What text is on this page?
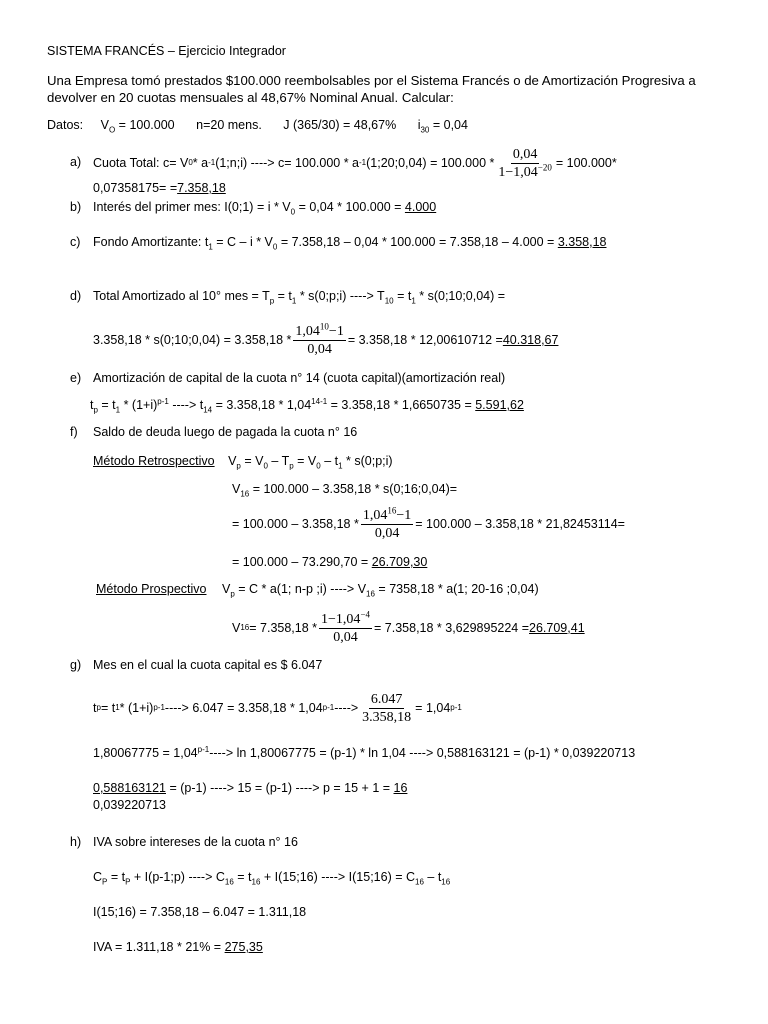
SISTEMA FRANCÉS – Ejercicio Integrador
Una Empresa tomó prestados $100.000 reembolsables por el Sistema Francés o de Amortización Progresiva a
devolver en 20 cuotas mensuales al 48,67% Nominal Anual. Calcular:
Datos: $V_O = 100.000$ n=20 mens. J (365/30) = 48,67% $i_{30} = 0,04$
a) Cuota Total: c= V 0 * a -1 (1;n;i) ----> c= 100.000 * a -1 (1;20;0,04) = $100.000 * \frac{0,04}{1-1,04^{-20}} = 100.000*$
0,07358175= =7.358,18
b) Interés del primer mes: I(0;1) = $i * V_0 = 0,04 * 100.000 = 4.000$
c) Fondo Amortizante: $t_1 = C - i * V_0 = 7.358,18 - 0,04 * 100.000 = 7.358,18 - 4.000 = 3.358,18$
d) Total Amortizado al 10° mes = $T_p = t_1$ * s(0;p;i) ----> $T_{10} = t_1$ * s(0;10;0,04) =
3.358,18 * s(0;10;0,04) = $3.358,18 * \frac{1,04^{10}-1}{0,04} = 3.358,18 * 12,00610712 = 40.318,67$
e) Amortización de capital de la cuota n° 14 (cuota capital)(amortización real)
$t_p = t_1 * (1+i)^{p-1}$ ----> $t_{14} = 3.358,18 * 1,04^{14-1} = 3.358,18 * 1,6650735 = 5.591,62$
f) Saldo de deuda luego de pagada la cuota n° 16
Método Retrospectivo $V_p = V_0 - T_p = V_0 - t_1$ * s(0;p;i)
$V_{16} = 100.000 - 3.358,18$ * s(0;16;0,04)=
= $100.000 - 3.358,18 * \frac{1,04^{16}-1}{0,04} = 100.000 - 3.358,18 * 21,82453114=$
= 100.000 – 73.290,70 = 26.709,30
Método Prospectivo $V_p = C * a(1$; n-p ;i) ----> $V_{16} = 7358,18 * a(1$; 20-16 ;0,04)
V $16 = 7.358,18 * \frac{1-1,04^{-4}}{0,04} = 7.358,18 * 3,629895224 = 26.709,41$
g) Mes en el cual la cuota capital es $ 6.047
t p = t 1 * (1+i) p-1 ----> 6.047 = 3.358,18 * 1,04 p-1 ----> $\frac{6.047}{3.358,18} = 1,04$ p-1
$1,80067775 = 1,04^{p-1}----> \ln 1,80067775 = (p-1) * \ln 1,04$ ----> 0,588163121 = (p-1) * 0,039220713
0,588163121 = (p-1) ----> 15 = (p-1) ----> p = 15 + 1 = 16
0,039220713
h) IVA sobre intereses de la cuota n° 16
$C_P = t_P$ + I(p-1;p) ----> $C_{16} = t_{16}$ + I(15;16) ----> I(15;16) = $C_{16} - t_{16}$
I(15;16) = 7.358,18 – 6.047 = 1.311,18
IVA = 1.311,18 * 21% = 275,35
